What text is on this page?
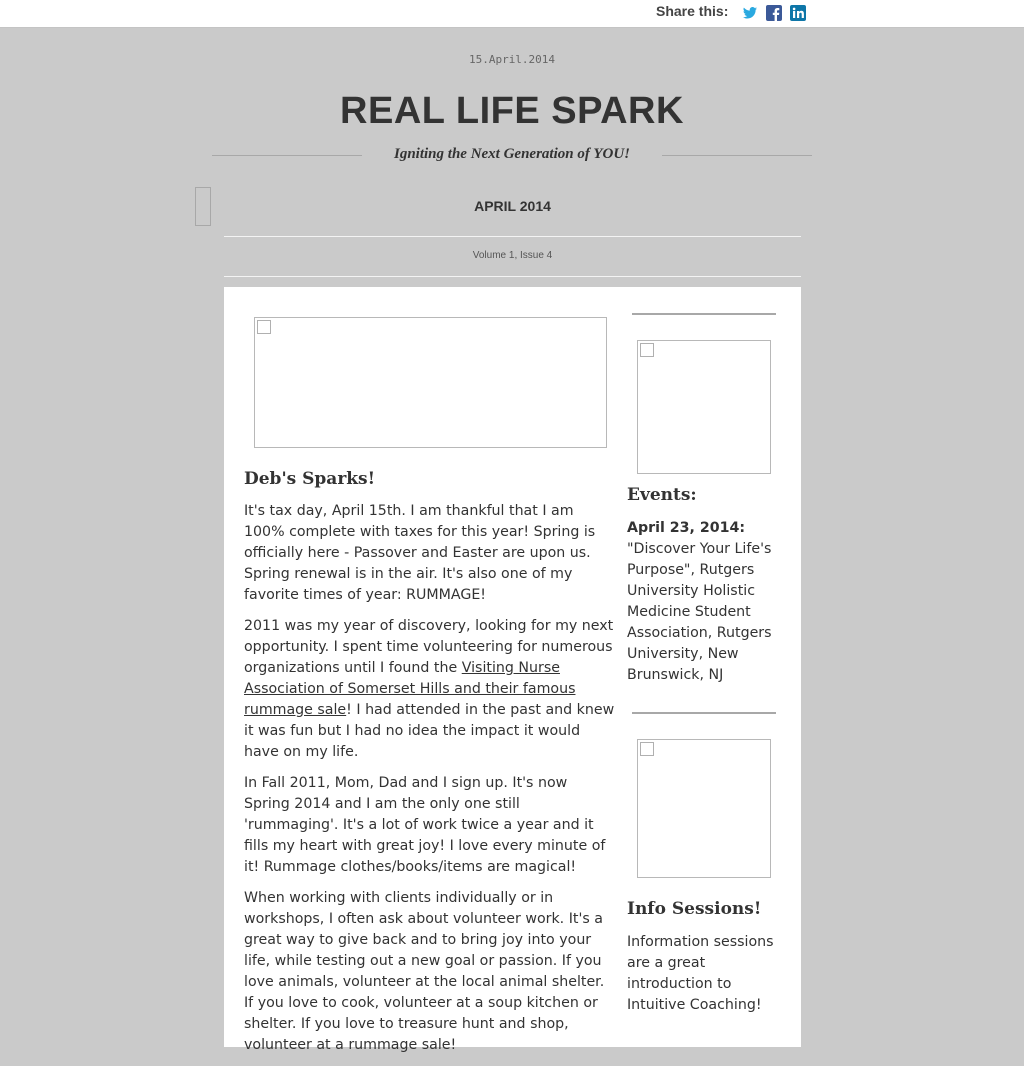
Share this:
15.April.2014
REAL LIFE SPARK
Igniting the Next Generation of YOU!
APRIL 2014
Volume 1, Issue 4
Deb's Sparks!

It's tax day, April 15th. I am thankful that I am 100% complete with taxes for this year! Spring is officially here - Passover and Easter are upon us. Spring renewal is in the air. It's also one of my favorite times of year: RUMMAGE!

2011 was my year of discovery, looking for my next opportunity. I spent time volunteering for numerous organizations until I found the Visiting Nurse Association of Somerset Hills and their famous rummage sale! I had attended in the past and knew it was fun but I had no idea the impact it would have on my life.

In Fall 2011, Mom, Dad and I sign up. It's now Spring 2014 and I am the only one still 'rummaging'. It's a lot of work twice a year and it fills my heart with great joy! I love every minute of it! Rummage clothes/books/items are magical!

When working with clients individually or in workshops, I often ask about volunteer work. It's a great way to give back and to bring joy into your life, while testing out a new goal or passion. If you love animals, volunteer at the local animal shelter. If you love to cook, volunteer at a soup kitchen or shelter. If you love to treasure hunt and shop, volunteer at a rummage sale!

Events:

April 23, 2014:

"Discover Your Life's Purpose", Rutgers University Holistic Medicine Student Association, Rutgers University, New Brunswick, NJ

Info Sessions!

Information sessions are a great introduction to Intuitive Coaching!
